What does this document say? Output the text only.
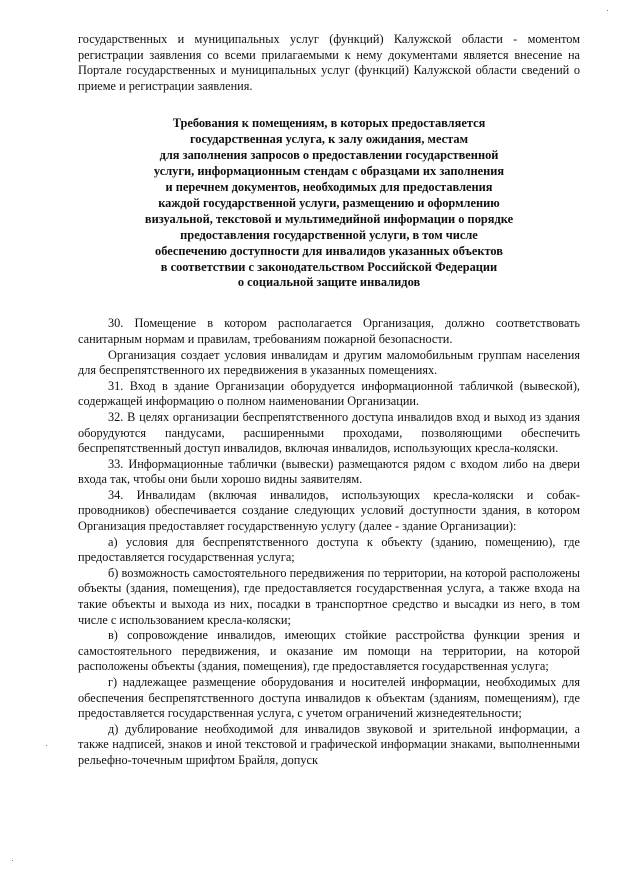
государственных и муниципальных услуг (функций) Калужской области - моментом регистрации заявления со всеми прилагаемыми к нему документами является внесение на Портале государственных и муниципальных услуг (функций) Калужской области сведений о приеме и регистрации заявления.

Требования к помещениям, в которых предоставляется
государственная услуга, к залу ожидания, местам
для заполнения запросов о предоставлении государственной
услуги, информационным стендам с образцами их заполнения
и перечнем документов, необходимых для предоставления
каждой государственной услуги, размещению и оформлению
визуальной, текстовой и мультимедийной информации о порядке
предоставления государственной услуги, в том числе
обеспечению доступности для инвалидов указанных объектов
в соответствии с законодательством Российской Федерации
о социальной защите инвалидов

30. Помещение в котором располагается Организация, должно соответствовать санитарным нормам и правилам, требованиям пожарной безопасности.

Организация создает условия инвалидам и другим маломобильным группам населения для беспрепятственного их передвижения в указанных помещениях.

31. Вход в здание Организации оборудуется информационной табличкой (вывеской), содержащей информацию о полном наименовании Организации.

32. В целях организации беспрепятственного доступа инвалидов вход и выход из здания оборудуются пандусами, расширенными проходами, позволяющими обеспечить беспрепятственный доступ инвалидов, включая инвалидов, использующих кресла-коляски.

33. Информационные таблички (вывески) размещаются рядом с входом либо на двери входа так, чтобы они были хорошо видны заявителям.

34. Инвалидам (включая инвалидов, использующих кресла-коляски и собак-проводников) обеспечивается создание следующих условий доступности здания, в котором Организация предоставляет государственную услугу (далее - здание Организации):

а) условия для беспрепятственного доступа к объекту (зданию, помещению), где предоставляется государственная услуга;

б) возможность самостоятельного передвижения по территории, на которой расположены объекты (здания, помещения), где предоставляется государственная услуга, а также входа на такие объекты и выхода из них, посадки в транспортное средство и высадки из него, в том числе с использованием кресла-коляски;

в) сопровождение инвалидов, имеющих стойкие расстройства функции зрения и самостоятельного передвижения, и оказание им помощи на территории, на которой расположены объекты (здания, помещения), где предоставляется государственная услуга;

г) надлежащее размещение оборудования и носителей информации, необходимых для обеспечения беспрепятственного доступа инвалидов к объектам (зданиям, помещениям), где предоставляется государственная услуга, с учетом ограничений жизнедеятельности;

д) дублирование необходимой для инвалидов звуковой и зрительной информации, а также надписей, знаков и иной текстовой и графической информации знаками, выполненными рельефно-точечным шрифтом Брайля, допуск
